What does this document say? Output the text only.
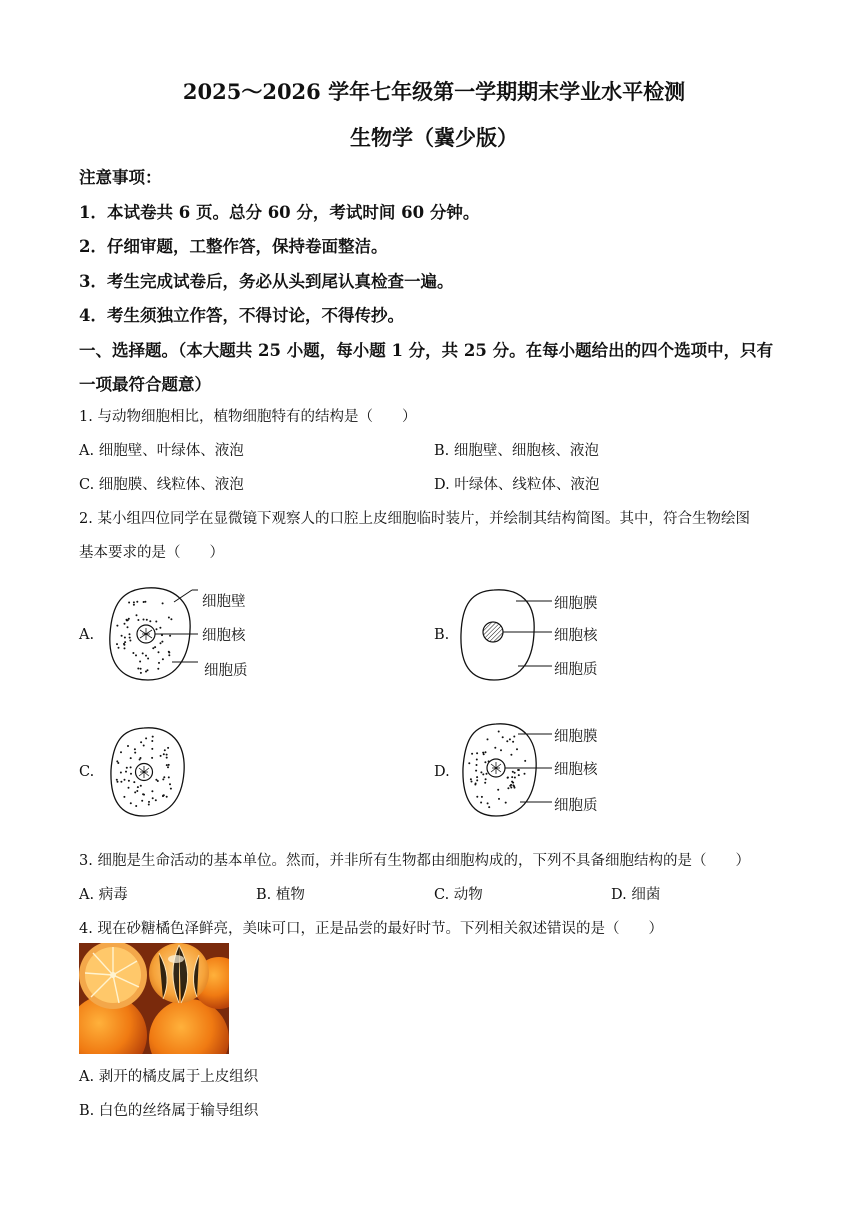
2025～2026 学年七年级第一学期期末学业水平检测
生物学（冀少版）
注意事项：
1．本试卷共 6 页。总分 60 分，考试时间 60 分钟。
2．仔细审题，工整作答，保持卷面整洁。
3．考生完成试卷后，务必从头到尾认真检查一遍。
4．考生须独立作答，不得讨论，不得传抄。
一、选择题。（本大题共 25 小题，每小题 1 分，共 25 分。在每小题给出的四个选项中，只有
一项最符合题意）
1. 与动物细胞相比，植物细胞特有的结构是（　　）
A. 细胞壁、叶绿体、液泡	B. 细胞壁、细胞核、液泡
C. 细胞膜、线粒体、液泡	D. 叶绿体、线粒体、液泡
2. 某小组四位同学在显微镜下观察人的口腔上皮细胞临时装片，并绘制其结构简图。其中，符合生物绘图
基本要求的是（　　）
A.
细胞壁
细胞核
细胞质
B.
细胞膜
细胞核
细胞质
C.	D.
细胞膜
细胞核
细胞质
3. 细胞是生命活动的基本单位。然而，并非所有生物都由细胞构成的，下列不具备细胞结构的是（　　）
A. 病毒	B. 植物	C. 动物	D. 细菌
4. 现在砂糖橘色泽鲜亮，美味可口，正是品尝的最好时节。下列相关叙述错误的是（　　）
A. 剥开的橘皮属于上皮组织
B. 白色的丝络属于输导组织
